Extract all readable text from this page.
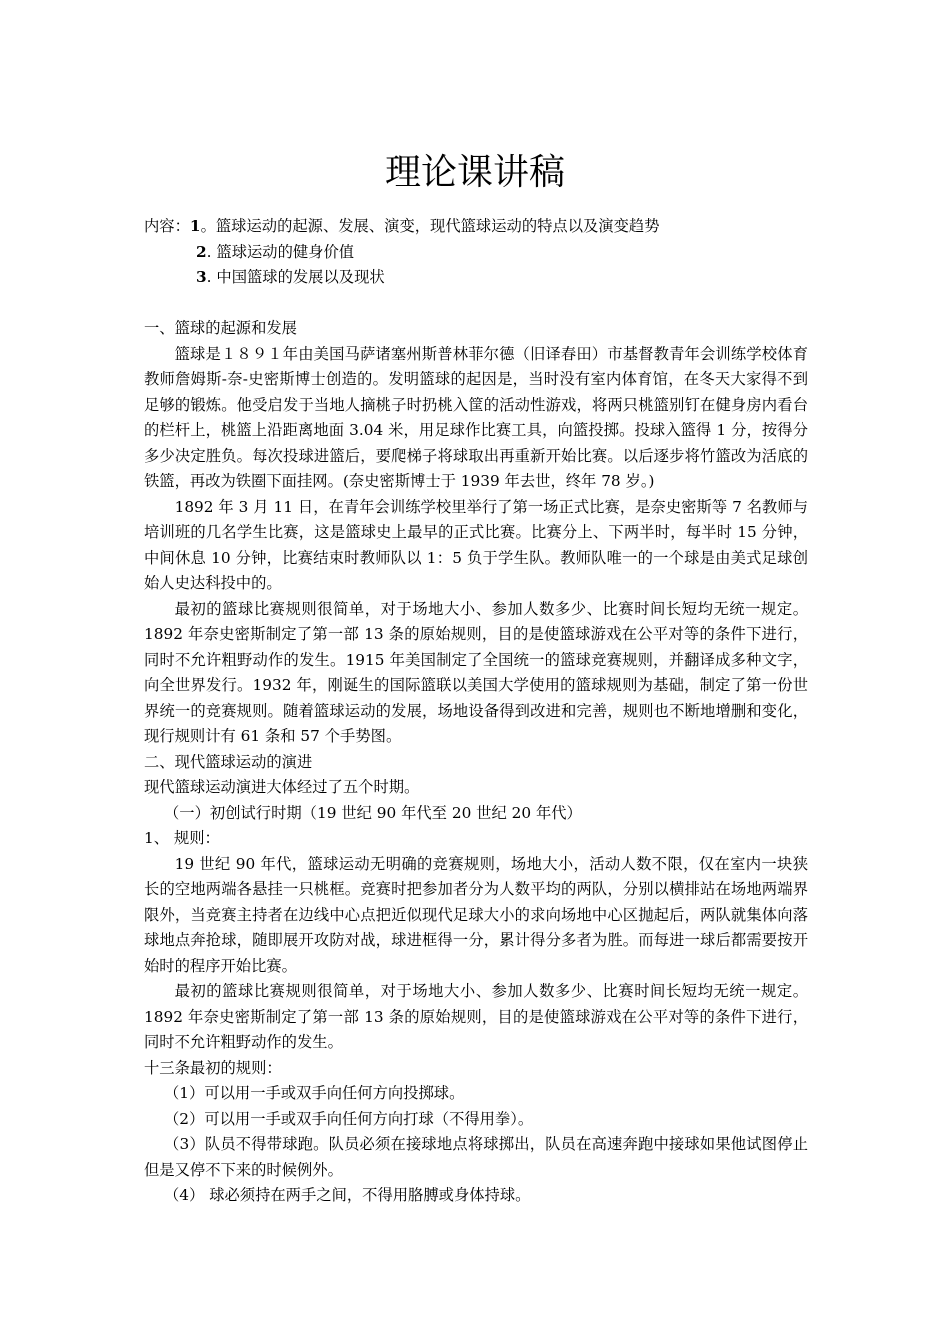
理论课讲稿

内容：1。篮球运动的起源、发展、演变，现代篮球运动的特点以及演变趋势

2. 篮球运动的健身价值

3. 中国篮球的发展以及现状

一、篮球的起源和发展

篮球是１８９１年由美国马萨诸塞州斯普林菲尔德（旧译春田）市基督教青年会训练学校体育教师詹姆斯-奈-史密斯博士创造的。发明篮球的起因是，当时没有室内体育馆，在冬天大家得不到足够的锻炼。他受启发于当地人摘桃子时扔桃入筐的活动性游戏，将两只桃篮别钉在健身房内看台的栏杆上，桃篮上沿距离地面 3.04 米，用足球作比赛工具，向篮投掷。投球入篮得 1 分，按得分多少决定胜负。每次投球进篮后，要爬梯子将球取出再重新开始比赛。以后逐步将竹篮改为活底的铁篮，再改为铁圈下面挂网。(奈史密斯博士于 1939 年去世，终年 78 岁。)

1892 年 3 月 11 日，在青年会训练学校里举行了第一场正式比赛，是奈史密斯等 7 名教师与培训班的几名学生比赛，这是篮球史上最早的正式比赛。比赛分上、下两半时，每半时 15 分钟，中间休息 10 分钟，比赛结束时教师队以 1：5 负于学生队。教师队唯一的一个球是由美式足球创始人史达科投中的。

最初的篮球比赛规则很简单，对于场地大小、参加人数多少、比赛时间长短均无统一规定。1892 年奈史密斯制定了第一部 13 条的原始规则，目的是使篮球游戏在公平对等的条件下进行，同时不允许粗野动作的发生。1915 年美国制定了全国统一的篮球竞赛规则，并翻译成多种文字，向全世界发行。1932 年，刚诞生的国际篮联以美国大学使用的篮球规则为基础，制定了第一份世界统一的竞赛规则。随着篮球运动的发展，场地设备得到改进和完善，规则也不断地增删和变化，现行规则计有 61 条和 57 个手势图。

二、现代篮球运动的演进

现代篮球运动演进大体经过了五个时期。

（一）初创试行时期（19 世纪 90 年代至 20 世纪 20 年代）

1、 规则：

19 世纪 90 年代，篮球运动无明确的竞赛规则，场地大小，活动人数不限，仅在室内一块狭长的空地两端各悬挂一只桃框。竞赛时把参加者分为人数平均的两队，分别以横排站在场地两端界限外，当竞赛主持者在边线中心点把近似现代足球大小的求向场地中心区抛起后，两队就集体向落球地点奔抢球，随即展开攻防对战，球进框得一分，累计得分多者为胜。而每进一球后都需要按开始时的程序开始比赛。

最初的篮球比赛规则很简单，对于场地大小、参加人数多少、比赛时间长短均无统一规定。1892 年奈史密斯制定了第一部 13 条的原始规则，目的是使篮球游戏在公平对等的条件下进行，同时不允许粗野动作的发生。

十三条最初的规则：

（1）可以用一手或双手向任何方向投掷球。

（2）可以用一手或双手向任何方向打球（不得用拳）。

（3）队员不得带球跑。队员必须在接球地点将球掷出，队员在高速奔跑中接球如果他试图停止但是又停不下来的时候例外。

（4） 球必须持在两手之间，不得用胳膊或身体持球。
